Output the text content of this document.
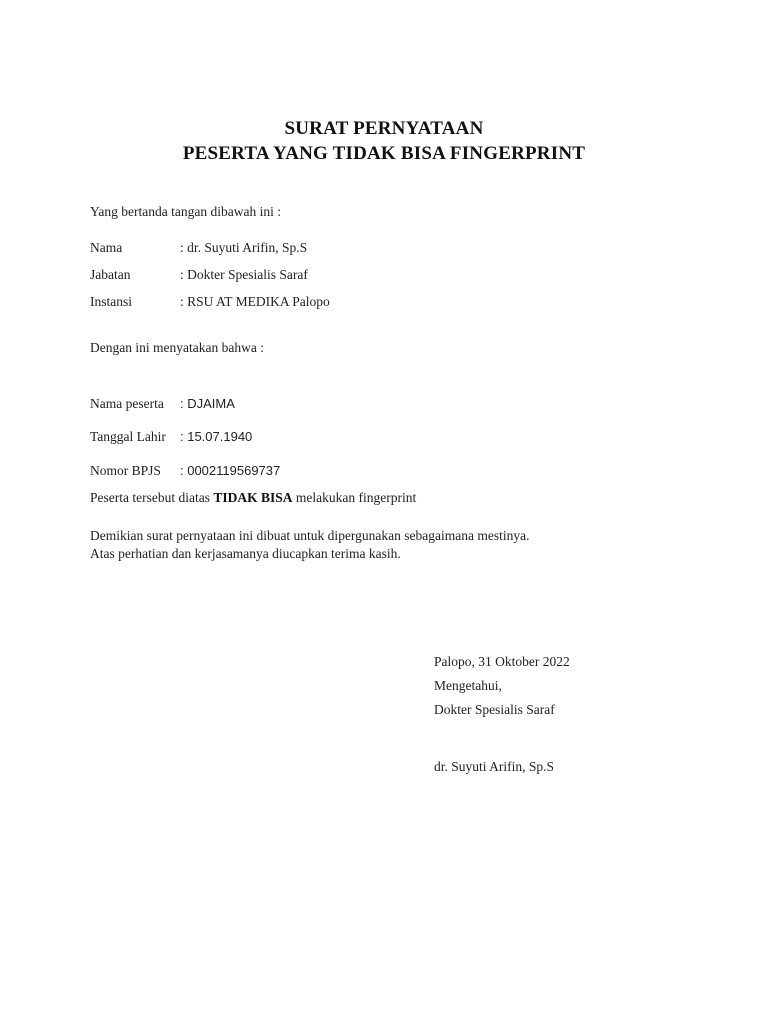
SURAT PERNYATAAN
PESERTA YANG TIDAK BISA FINGERPRINT
Yang bertanda tangan dibawah ini :
Nama	: dr. Suyuti Arifin, Sp.S
Jabatan	: Dokter Spesialis Saraf
Instansi	: RSU AT MEDIKA Palopo
Dengan ini menyatakan bahwa :
Nama peserta : DJAIMA
Tanggal Lahir : 15.07.1940
Nomor BPJS : 0002119569737
Peserta tersebut diatas TIDAK BISA melakukan fingerprint
Demikian surat pernyataan ini dibuat untuk dipergunakan sebagaimana mestinya.
Atas perhatian dan kerjasamanya diucapkan terima kasih.
Palopo, 31 Oktober 2022
Mengetahui,
Dokter Spesialis Saraf
dr. Suyuti Arifin, Sp.S
